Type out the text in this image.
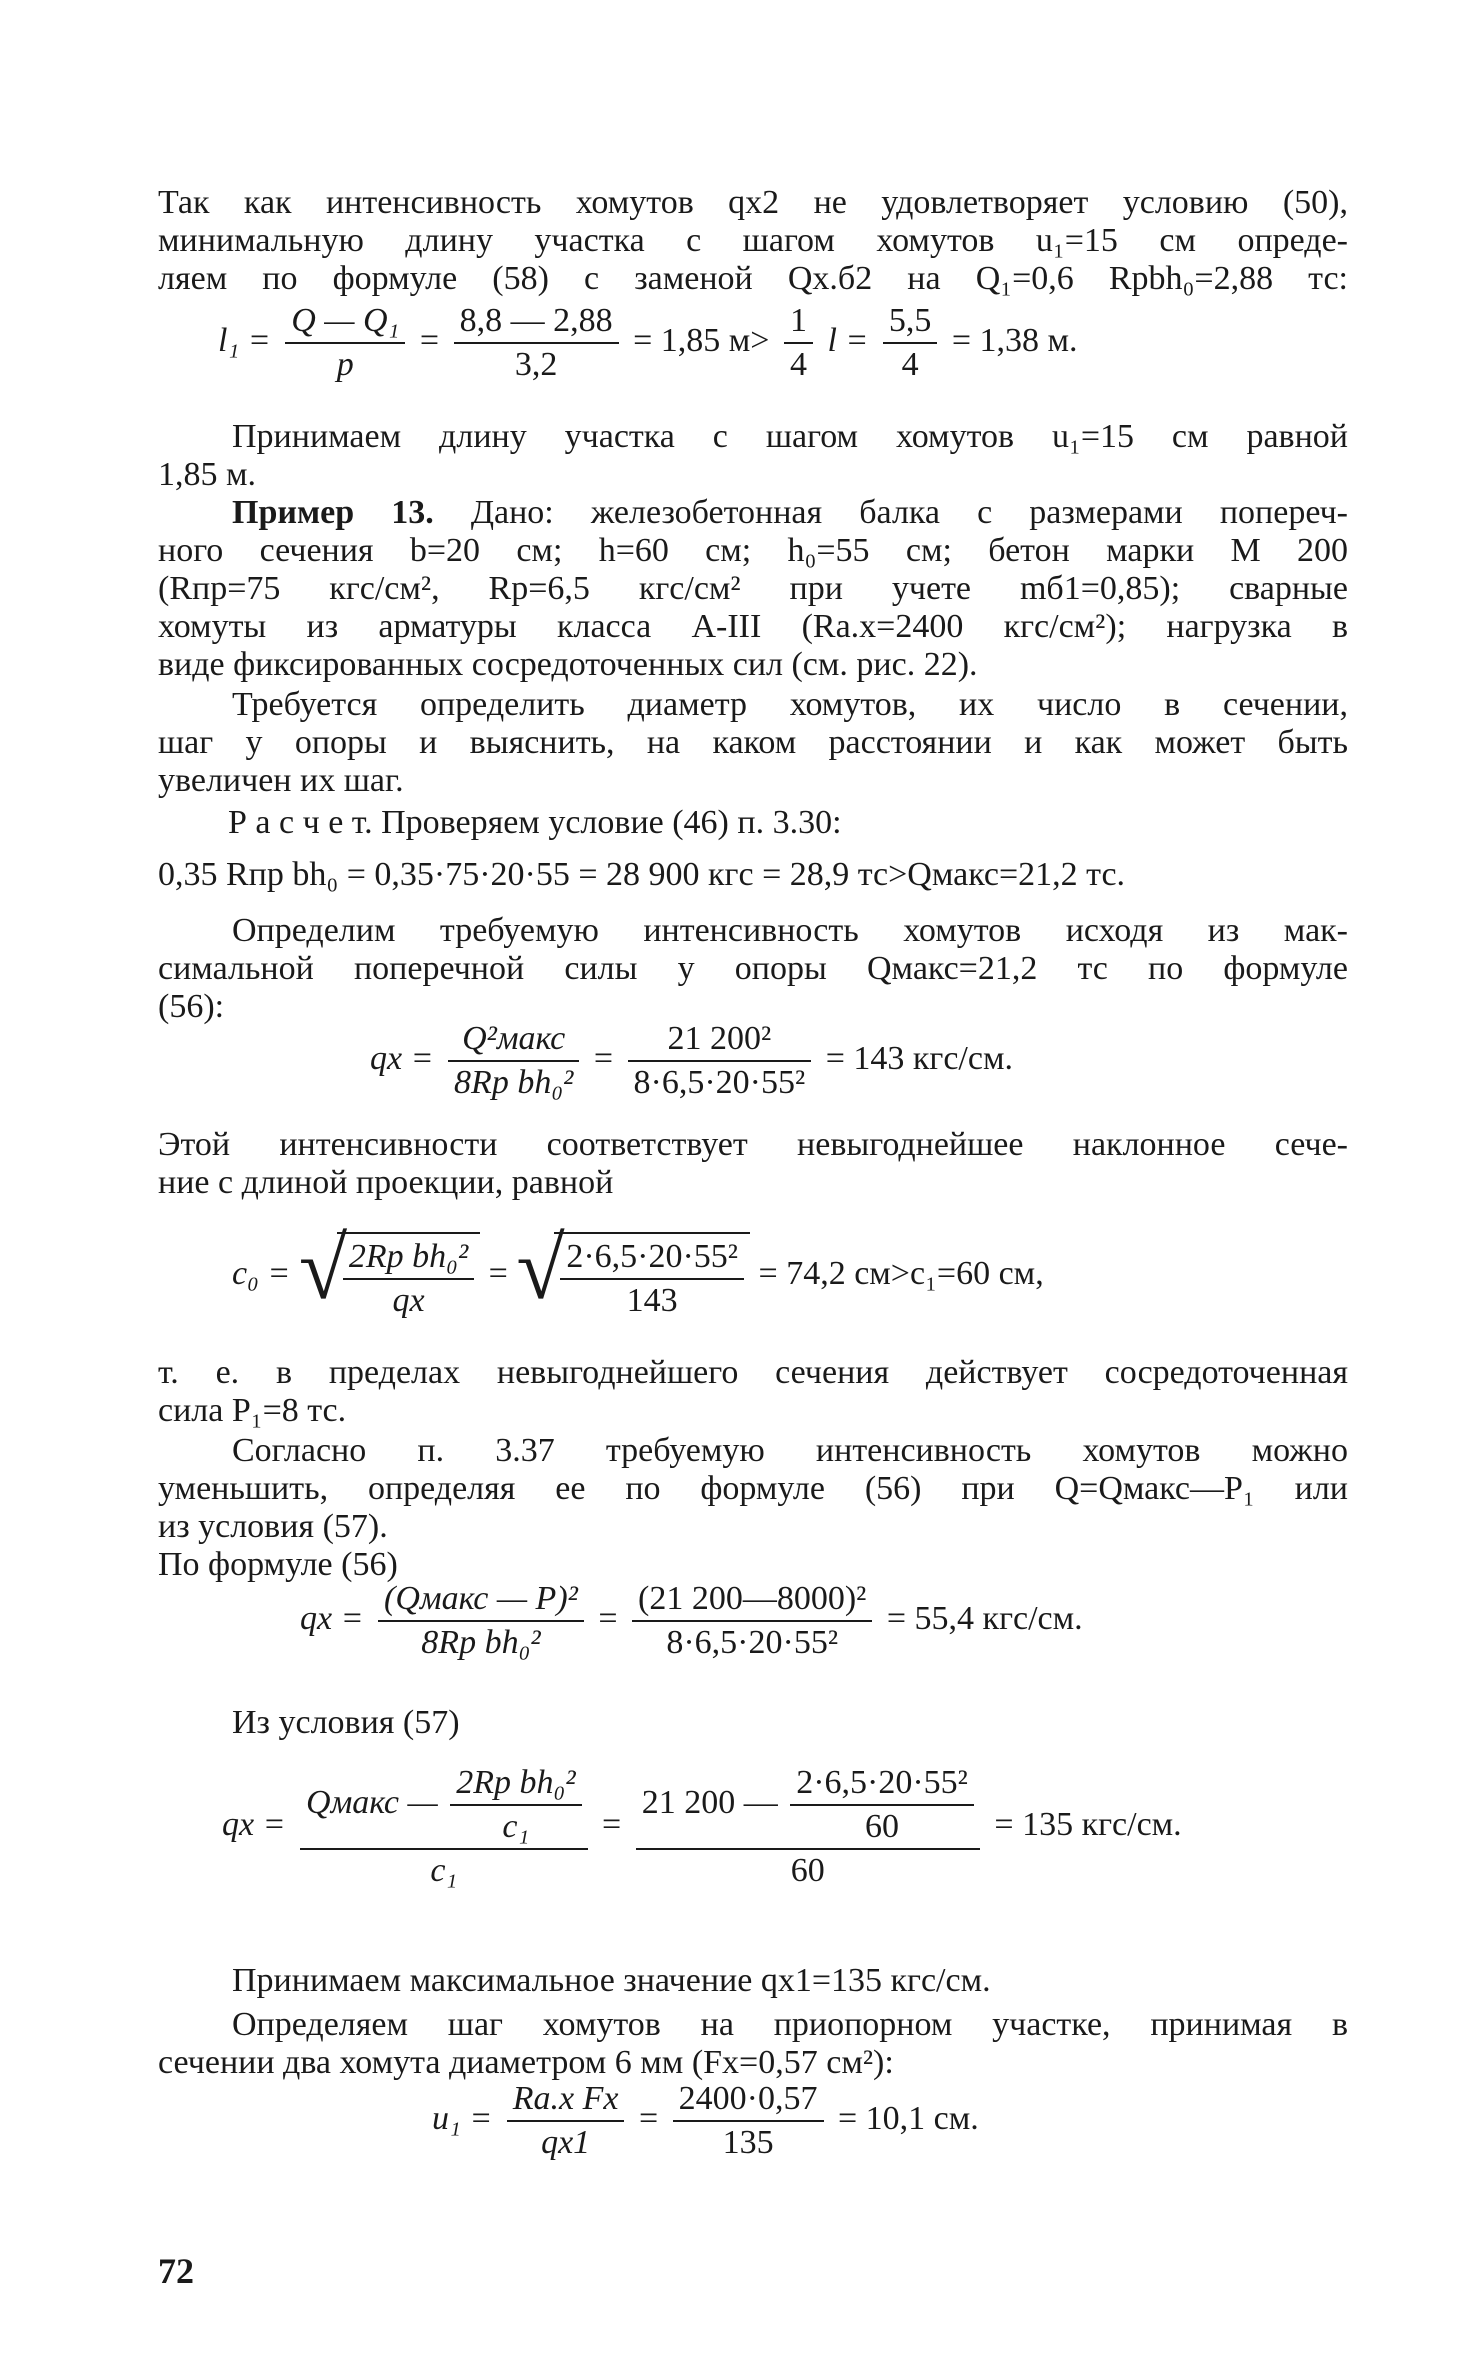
Так как интенсивность хомутов qх2 не удовлетворяет условию (50),
минимальную длину участка с шагом хомутов u₁=15 см опреде-
ляем по формуле (58) с заменой Qх.б2 на Q₁=0,6 Rрbh₀=2,88 тс:
$l_1 = \frac{\text{Q — Q₁}}{p} = \frac{8,8 — 2,88}{3,2} = 1,85$ $м> \frac{1}{4}$ $l = \frac{5,5}{4} = 1,38$ м.
Принимаем длину участка с шагом хомутов u₁=15 см равной
1,85 м.
Пример 13. Дано: железобетонная балка с размерами попереч-
ного сечения b=20 см; h=60 см; h₀=55 см; бетон марки М 200
(Rпр=75 кгс/см², Rр=6,5 кгс/см² при учете mб1=0,85); сварные
хомуты из арматуры класса А-III (Rа.х=2400 кгс/см²); нагрузка в
виде фиксированных сосредоточенных сил (см. рис. 22).
Требуется определить диаметр хомутов, их число в сечении,
шаг у опоры и выяснить, на каком расстоянии и как может быть
увеличен их шаг.
Р а с ч е т. Проверяем условие (46) п. 3.30:
0,35 Rпр bh₀ = 0,35·75·20·55 = 28 900 кгс = 28,9 тс>Qмакс=21,2 тс.
Определим требуемую интенсивность хомутов исходя из мак-
симальной поперечной силы у опоры Qмакс=21,2 тс по формуле
(56):
qх = $\frac{\text{Q²макс}}{\text{8Rр bh₀²}} = \frac{\text{21 200²}}{\text{8·6,5·20·55²}} = 143$ кгс/см.
Этой интенсивности соответствует невыгоднейшее наклонное сече-
ние с длиной проекции, равной
c₀ = √
$\frac{\text{2Rр bh₀²}}{qх}$ = √
$\frac{\text{2·6,5·20·55²}}{143} = 74,2$ см>c₁=60 см,
т. е. в пределах невыгоднейшего сечения действует сосредоточенная
сила P₁=8 тс.
Согласно п. 3.37 требуемую интенсивность хомутов можно
уменьшить, определяя ее по формуле (56) при Q=Qмакс—P₁ или
из условия (57).
По формуле (56)
qх = $\frac{\text{(Qмакс — P)²}}{\text{8Rр bh₀²}} = \frac{\text{(21 200—8000)²}}{\text{8·6,5·20·55²}} = 55,4$ кгс/см.
Из условия (57)
qх = $\frac{Qмакс — \frac{\text{2Rр bh₀²}}{\text{c₁}}}{\text{c₁}} = \frac{21 200 — \frac{\text{2·6,5·20·55²}}{60}}{60} = 135$ кгс/см.
Принимаем максимальное значение qх1=135 кгс/см.
Определяем шаг хомутов на приопорном участке, принимая в
сечении два хомута диаметром 6 мм (Fх=0,57 см²):
$u_1 = \frac{\text{Rа.х Fх}}{qх1} = \frac{2400\cdot 0,57}{135} = 10,1$ см.
72
